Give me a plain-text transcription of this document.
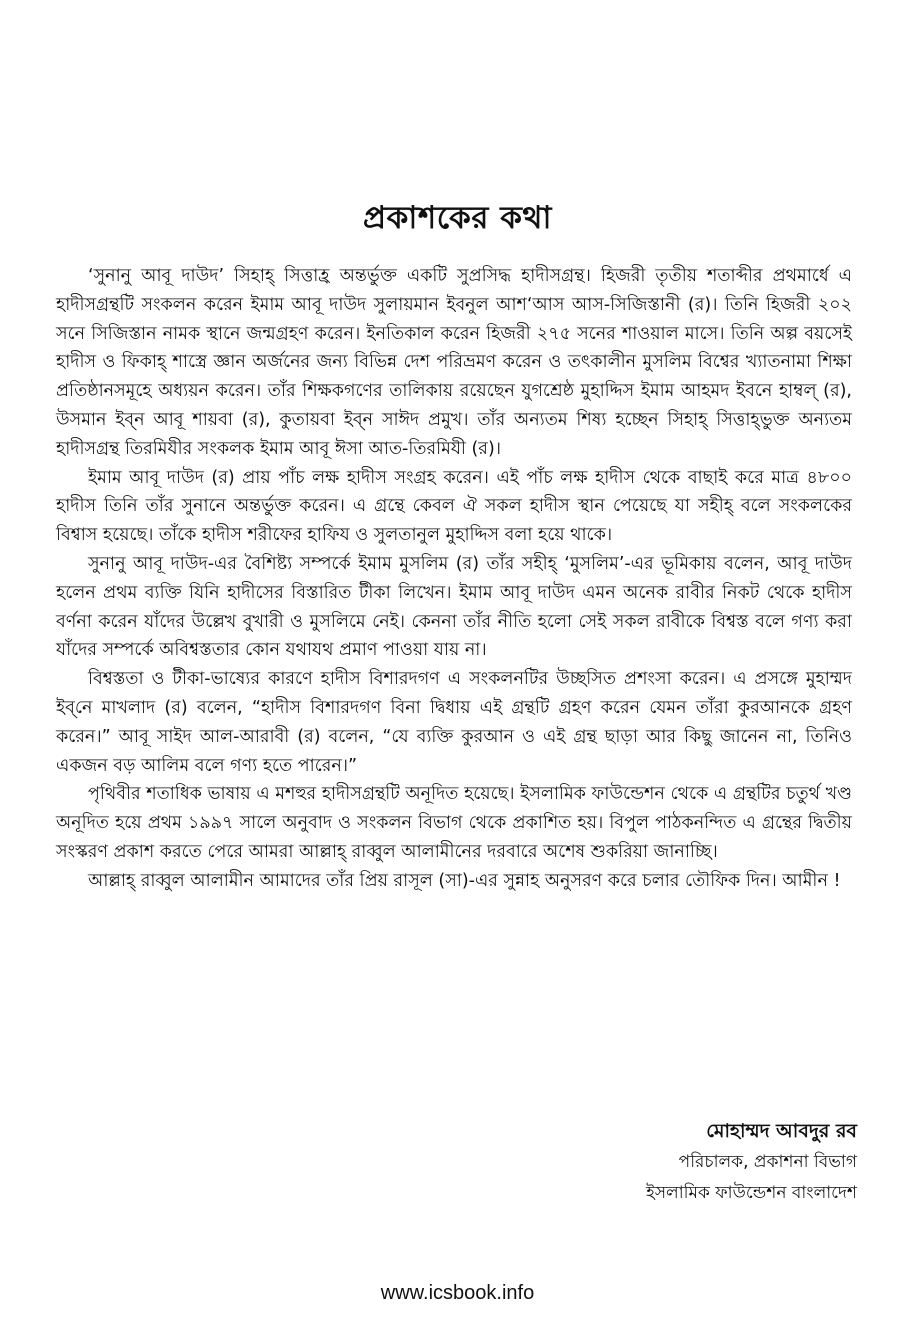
প্রকাশকের কথা

‘সুনানু আবূ দাউদ’ সিহাহ্ সিত্তাহ্র অন্তর্ভুক্ত একটি সুপ্রসিদ্ধ হাদীসগ্রন্থ। হিজরী তৃতীয় শতাব্দীর প্রথমার্ধে এ হাদীসগ্রন্থটি সংকলন করেন ইমাম আবূ দাউদ সুলায়মান ইবনুল আশ‘আস আস-সিজিস্তানী (র)। তিনি হিজরী ২০২ সনে সিজিস্তান নামক স্থানে জন্মগ্রহণ করেন। ইনতিকাল করেন হিজরী ২৭৫ সনের শাওয়াল মাসে। তিনি অল্প বয়সেই হাদীস ও ফিকাহ্ শাস্ত্রে জ্ঞান অর্জনের জন্য বিভিন্ন দেশ পরিভ্রমণ করেন ও তৎকালীন মুসলিম বিশ্বের খ্যাতনামা শিক্ষা প্রতিষ্ঠানসমূহে অধ্যয়ন করেন। তাঁর শিক্ষকগণের তালিকায় রয়েছেন যুগশ্রেষ্ঠ মুহাদ্দিস ইমাম আহমদ ইবনে হাম্বল্ (র), উসমান ইব্‌ন আবূ শায়বা (র), কুতায়বা ইব্‌ন সাঈদ প্রমুখ। তাঁর অন্যতম শিষ্য হচ্ছেন সিহাহ্ সিত্তাহ্ভুক্ত অন্যতম হাদীসগ্রন্থ তিরমিযীর সংকলক ইমাম আবূ ঈসা আত-তিরমিযী (র)।

ইমাম আবূ দাউদ (র) প্রায় পাঁচ লক্ষ হাদীস সংগ্রহ করেন। এই পাঁচ লক্ষ হাদীস থেকে বাছাই করে মাত্র ৪৮০০ হাদীস তিনি তাঁর সুনানে অন্তর্ভুক্ত করেন। এ গ্রন্থে কেবল ঐ সকল হাদীস স্থান পেয়েছে যা সহীহ্ বলে সংকলকের বিশ্বাস হয়েছে। তাঁকে হাদীস শরীফের হাফিয ও সুলতানুল মুহাদ্দিস বলা হয়ে থাকে।

সুনানু আবূ দাউদ-এর বৈশিষ্ট্য সম্পর্কে ইমাম মুসলিম (র) তাঁর সহীহ্ ‘মুসলিম’-এর ভূমিকায় বলেন, আবূ দাউদ হলেন প্রথম ব্যক্তি যিনি হাদীসের বিস্তারিত টীকা লিখেন। ইমাম আবূ দাউদ এমন অনেক রাবীর নিকট থেকে হাদীস বর্ণনা করেন যাঁদের উল্লেখ বুখারী ও মুসলিমে নেই। কেননা তাঁর নীতি হলো সেই সকল রাবীকে বিশ্বস্ত বলে গণ্য করা যাঁদের সম্পর্কে অবিশ্বস্ততার কোন যথাযথ প্রমাণ পাওয়া যায় না।

বিশ্বস্ততা ও টীকা-ভাষ্যের কারণে হাদীস বিশারদগণ এ সংকলনটির উচ্ছসিত প্রশংসা করেন। এ প্রসঙ্গে মুহাম্মদ ইব্‌নে মাখলাদ (র) বলেন, “হাদীস বিশারদগণ বিনা দ্বিধায় এই গ্রন্থটি গ্রহণ করেন যেমন তাঁরা কুরআনকে গ্রহণ করেন।” আবূ সাইদ আল-আরাবী (র) বলেন, “যে ব্যক্তি কুরআন ও এই গ্রন্থ ছাড়া আর কিছু জানেন না, তিনিও একজন বড় আলিম বলে গণ্য হতে পারেন।”

পৃথিবীর শতাধিক ভাষায় এ মশহুর হাদীসগ্রন্থটি অনূদিত হয়েছে। ইসলামিক ফাউন্ডেশন থেকে এ গ্রন্থটির চতুর্থ খণ্ড অনূদিত হয়ে প্রথম ১৯৯৭ সালে অনুবাদ ও সংকলন বিভাগ থেকে প্রকাশিত হয়। বিপুল পাঠকনন্দিত এ গ্রন্থের দ্বিতীয় সংস্করণ প্রকাশ করতে পেরে আমরা আল্লাহ্ রাব্বুল আলামীনের দরবারে অশেষ শুকরিয়া জানাচ্ছি।

আল্লাহ্ রাব্বুল আলামীন আমাদের তাঁর প্রিয় রাসূল (সা)-এর সুন্নাহ অনুসরণ করে চলার তৌফিক দিন। আমীন !

মোহাম্মদ আবদুর রব
পরিচালক, প্রকাশনা বিভাগ
ইসলামিক ফাউন্ডেশন বাংলাদেশ
www.icsbook.info
